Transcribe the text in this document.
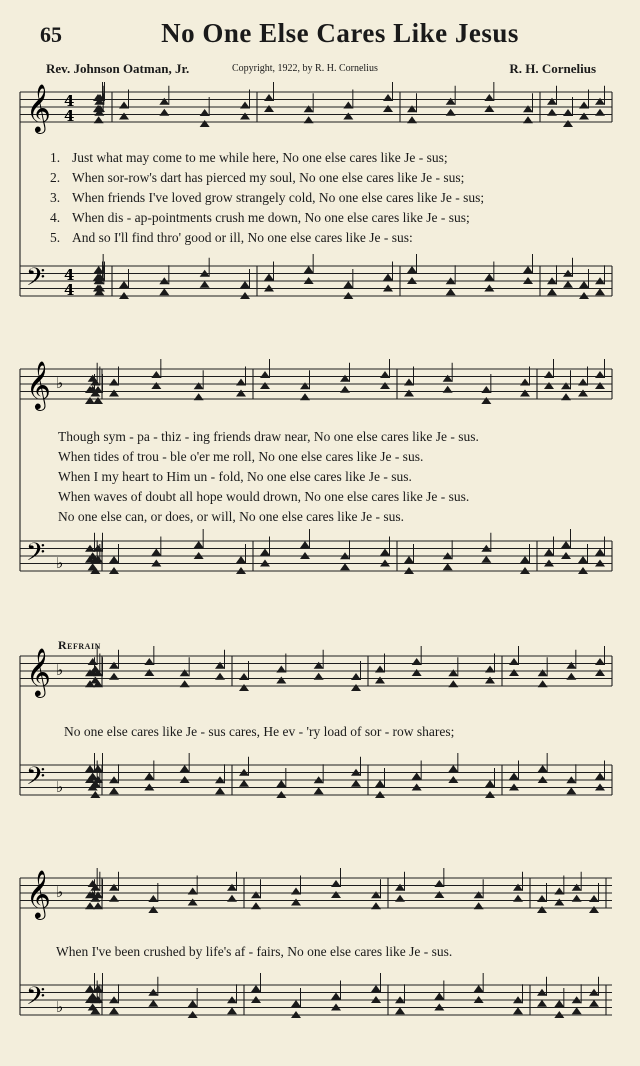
65	No One Else Cares Like Jesus
Rev. Johnson Oatman, Jr.	Copyright, 1922, by R. H. Cornelius	R. H. Cornelius
𝄞
𝄢
4
4
4
4
𝄞
𝄢
♭
♭
𝄞
𝄢
♭
♭
𝄞
𝄢
♭
♭
1. Just what may come to me while here, No one else cares like Je - sus;
2. When sor-row's dart has pierced my soul, No one else cares like Je - sus;
3. When friends I've loved grow strangely cold, No one else cares like Je - sus;
4. When dis - ap-pointments crush me down, No one else cares like Je - sus;
5. And so I'll find thro' good or ill, No one else cares like Je - sus:
Though sym - pa - thiz - ing friends draw near, No one else cares like Je - sus.
When tides of trou - ble o'er me roll, No one else cares like Je - sus.
When I my heart to Him un - fold, No one else cares like Je - sus.
When waves of doubt all hope would drown, No one else cares like Je - sus.
No one else can, or does, or will, No one else cares like Je - sus.
Refrain
No one else cares like Je - sus cares, He ev - 'ry load of sor - row shares;
When I've been crushed by life's af - fairs, No one else cares like Je - sus.
